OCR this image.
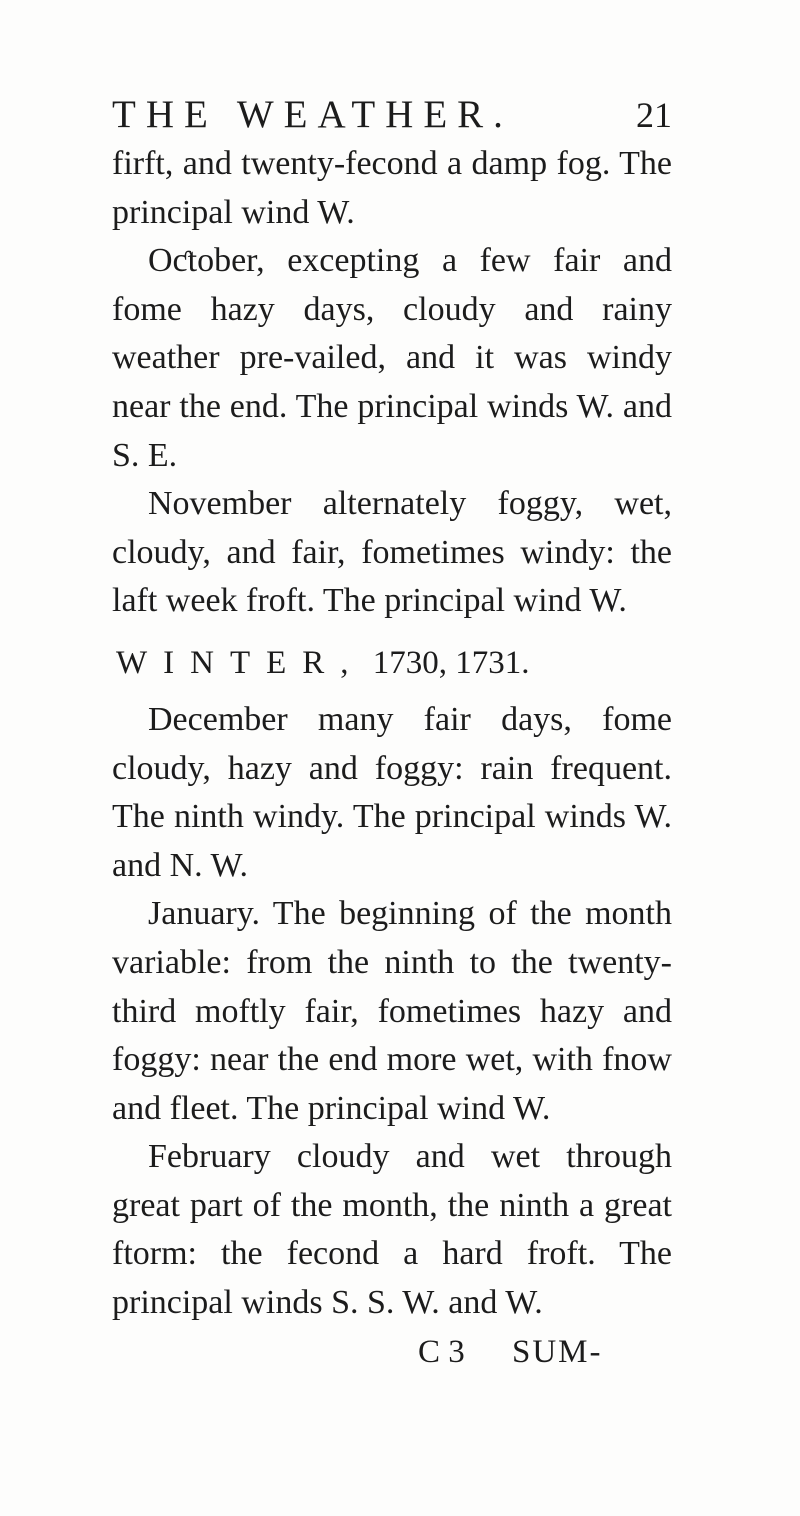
THE WEATHER.	21

firft, and twenty-fecond a damp fog. The principal wind W.

Oƈtober, excepting a few fair and fome hazy days, cloudy and rainy weather pre-vailed, and it was windy near the end. The principal winds W. and S. E.

November alternately foggy, wet, cloudy, and fair, fometimes windy: the laft week froft. The principal wind W.

WINTER, 1730, 1731.

December many fair days, fome cloudy, hazy and foggy: rain frequent. The ninth windy. The principal winds W. and N. W.

January. The beginning of the month variable: from the ninth to the twenty-third moftly fair, fometimes hazy and foggy: near the end more wet, with fnow and fleet. The principal wind W.

February cloudy and wet through great part of the month, the ninth a great ftorm: the fecond a hard froft. The principal winds S. S. W. and W.

C 3 SUM-
